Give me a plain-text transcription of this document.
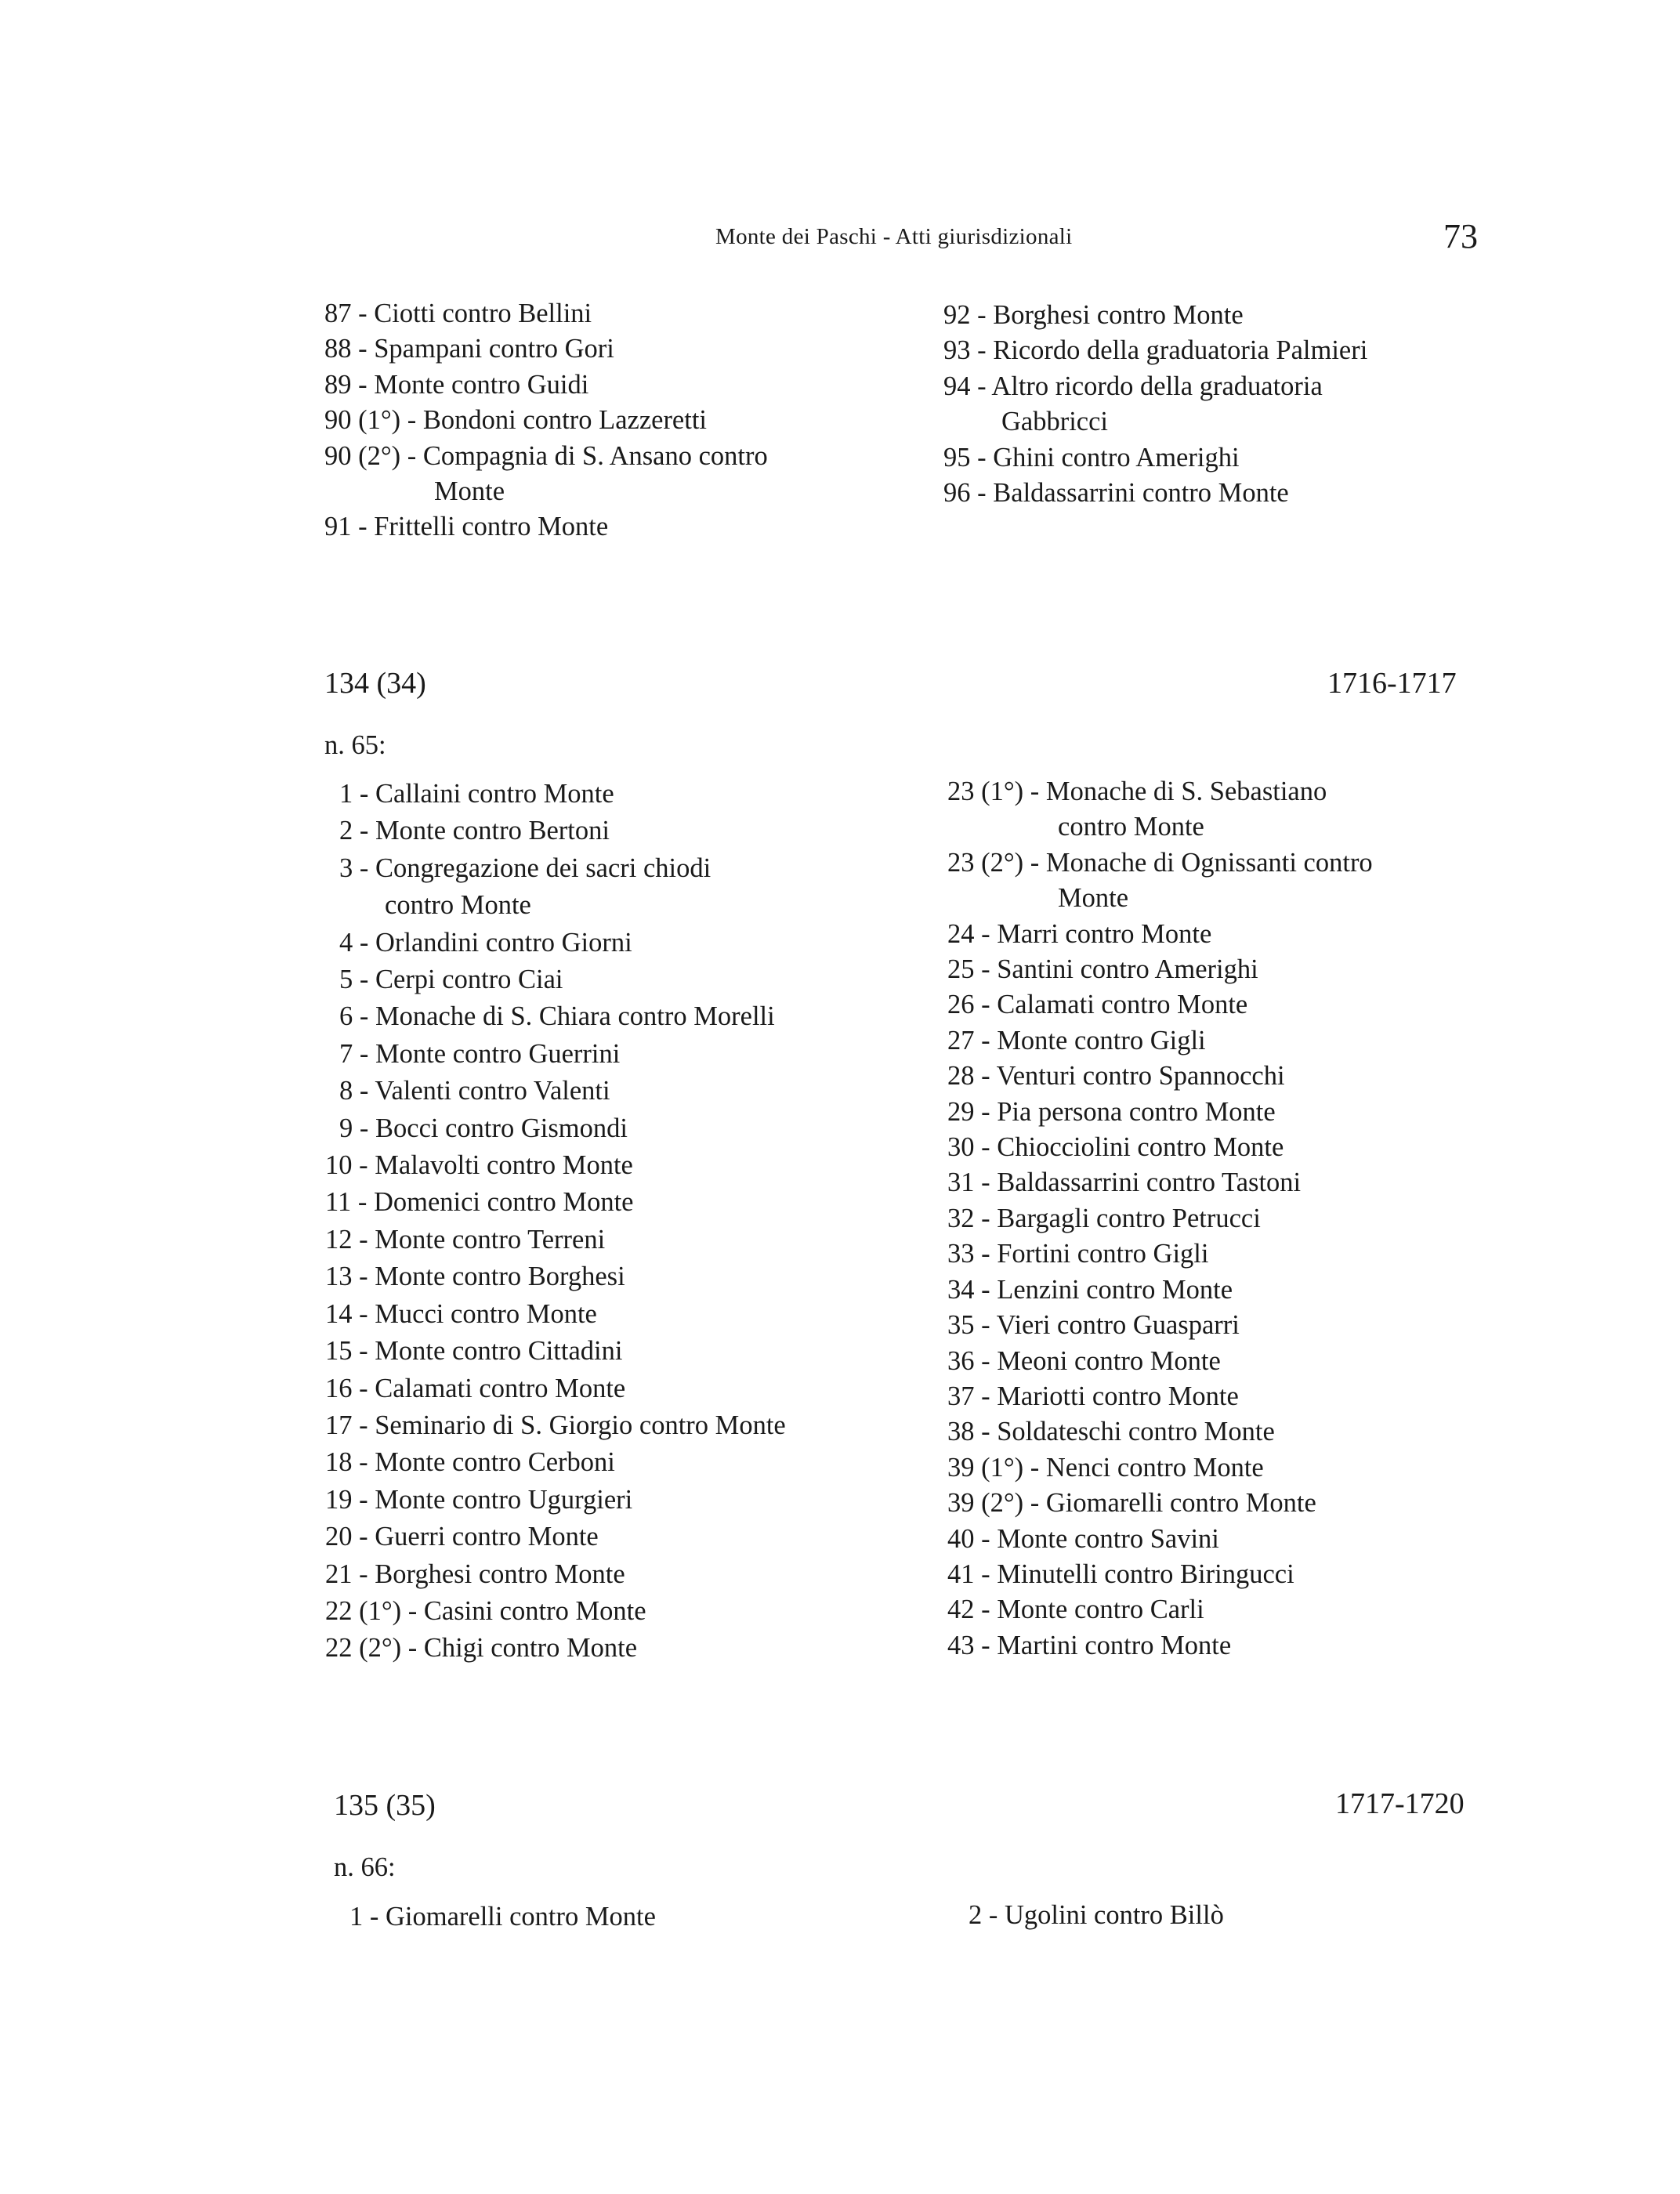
Monte dei Paschi - Atti giurisdizionali	73
87 - Ciotti contro Bellini
88 - Spampani contro Gori
89 - Monte contro Guidi
90 (1°) - Bondoni contro Lazzeretti
90 (2°) - Compagnia di S. Ansano contro
Monte
91 - Frittelli contro Monte
92 - Borghesi contro Monte
93 - Ricordo della graduatoria Palmieri
94 - Altro ricordo della graduatoria
Gabbricci
95 - Ghini contro Amerighi
96 - Baldassarrini contro Monte
134 (34)	1716-1717
n. 65:
1 - Callaini contro Monte
2 - Monte contro Bertoni
3 - Congregazione dei sacri chiodi
contro Monte
4 - Orlandini contro Giorni
5 - Cerpi contro Ciai
6 - Monache di S. Chiara contro Morelli
7 - Monte contro Guerrini
8 - Valenti contro Valenti
9 - Bocci contro Gismondi
10 - Malavolti contro Monte
11 - Domenici contro Monte
12 - Monte contro Terreni
13 - Monte contro Borghesi
14 - Mucci contro Monte
15 - Monte contro Cittadini
16 - Calamati contro Monte
17 - Seminario di S. Giorgio contro Monte
18 - Monte contro Cerboni
19 - Monte contro Ugurgieri
20 - Guerri contro Monte
21 - Borghesi contro Monte
22 (1°) - Casini contro Monte
22 (2°) - Chigi contro Monte
23 (1°) - Monache di S. Sebastiano
contro Monte
23 (2°) - Monache di Ognissanti contro
Monte
24 - Marri contro Monte
25 - Santini contro Amerighi
26 - Calamati contro Monte
27 - Monte contro Gigli
28 - Venturi contro Spannocchi
29 - Pia persona contro Monte
30 - Chiocciolini contro Monte
31 - Baldassarrini contro Tastoni
32 - Bargagli contro Petrucci
33 - Fortini contro Gigli
34 - Lenzini contro Monte
35 - Vieri contro Guasparri
36 - Meoni contro Monte
37 - Mariotti contro Monte
38 - Soldateschi contro Monte
39 (1°) - Nenci contro Monte
39 (2°) - Giomarelli contro Monte
40 - Monte contro Savini
41 - Minutelli contro Biringucci
42 - Monte contro Carli
43 - Martini contro Monte
135 (35)	1717-1720
n. 66:
1 - Giomarelli contro Monte	2 - Ugolini contro Billò
